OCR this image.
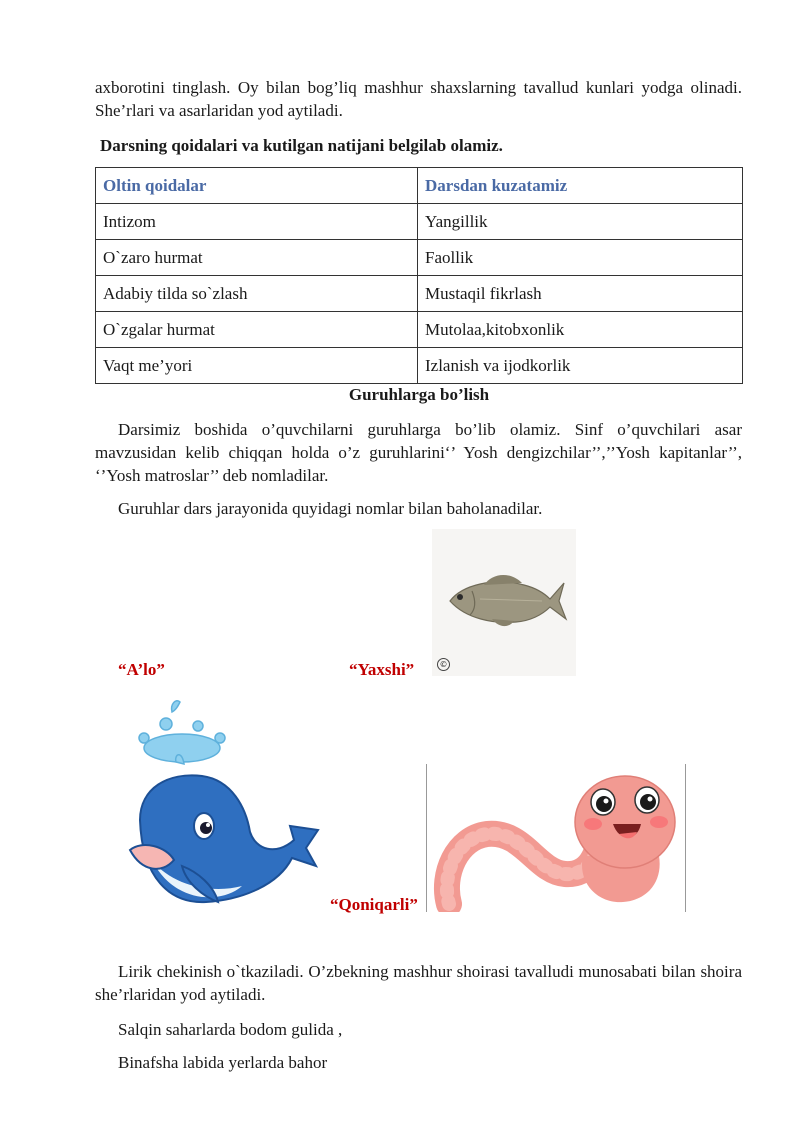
axborotini tinglash. Oy bilan bog’liq mashhur shaxslarning tavallud kunlari yodga olinadi. She’rlari va asarlaridan yod aytiladi.

Darsning qoidalari va kutilgan natijani belgilab olamiz.

Oltin qoidalar	Darsdan kuzatamiz
Intizom	Yangillik
O`zaro hurmat	Faollik
Adabiy tilda so`zlash	Mustaqil fikrlash
O`zgalar hurmat	Mutolaa,kitobxonlik
Vaqt me’yori	Izlanish va ijodkorlik
Guruhlarga bo’lish

Darsimiz boshida o’quvchilarni guruhlarga bo’lib olamiz. Sinf o’quvchilari asar mavzusidan kelib chiqqan holda o’z guruhlarini‘’ Yosh dengizchilar’’,’’Yosh kapitanlar’’, ‘’Yosh matroslar’’ deb nomladilar.

Guruhlar dars jarayonida quyidagi nomlar bilan baholanadilar.

©
“A’lo”	“Yaxshi”
“Qoniqarli”

Lirik chekinish o`tkaziladi. O’zbekning mashhur shoirasi tavalludi munosabati bilan shoira she’rlaridan yod aytiladi.

Salqin saharlarda bodom gulida ,
Binafsha labida yerlarda bahor
